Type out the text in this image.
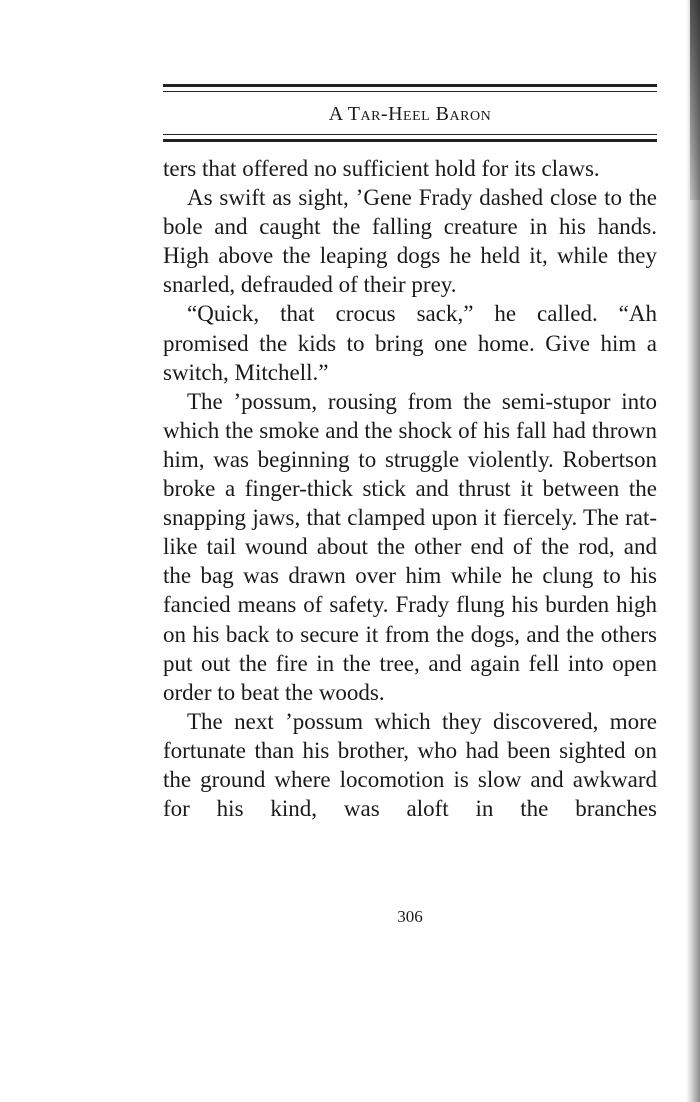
A Tar-Heel Baron

ters that offered no sufficient hold for its claws.

As swift as sight, ’Gene Frady dashed close to the bole and caught the falling creature in his hands. High above the leaping dogs he held it, while they snarled, defrauded of their prey.

“Quick, that crocus sack,” he called. “Ah promised the kids to bring one home. Give him a switch, Mitchell.”

The ’possum, rousing from the semi-stupor into which the smoke and the shock of his fall had thrown him, was beginning to struggle violently. Robertson broke a finger-thick stick and thrust it between the snapping jaws, that clamped upon it fiercely. The rat-like tail wound about the other end of the rod, and the bag was drawn over him while he clung to his fancied means of safety. Frady flung his burden high on his back to secure it from the dogs, and the others put out the fire in the tree, and again fell into open order to beat the woods.

The next ’possum which they discovered, more fortunate than his brother, who had been sighted on the ground where locomotion is slow and awkward for his kind, was aloft in the branches

306
